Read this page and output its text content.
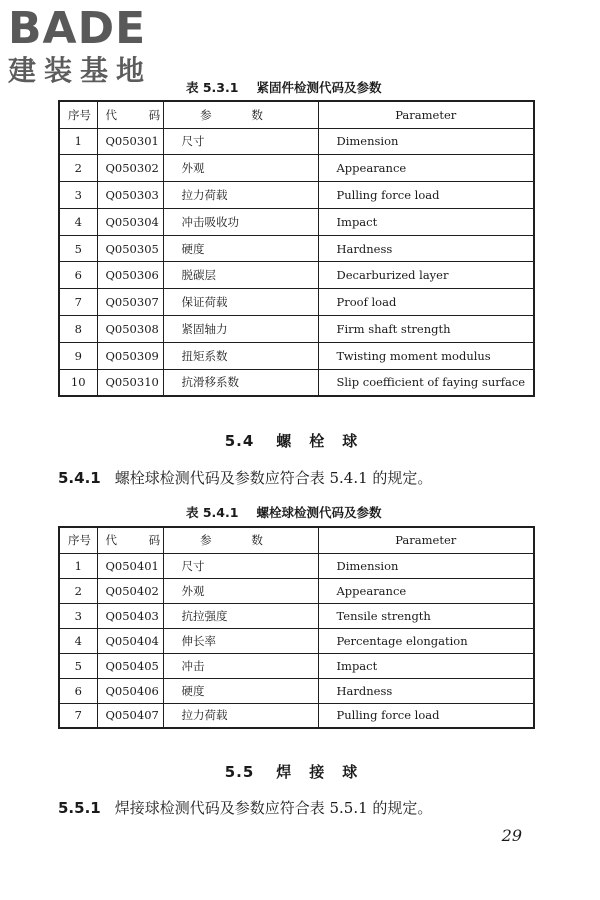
BADE
建装基地
表 5.3.1 紧固件检测代码及参数
序号	代 码	参 数	Parameter
1	Q050301	尺寸	Dimension
2	Q050302	外观	Appearance
3	Q050303	拉力荷载	Pulling force load
4	Q050304	冲击吸收功	Impact
5	Q050305	硬度	Hardness
6	Q050306	脱碳层	Decarburized layer
7	Q050307	保证荷载	Proof load
8	Q050308	紧固轴力	Firm shaft strength
9	Q050309	扭矩系数	Twisting moment modulus
10	Q050310	抗滑移系数	Slip coefficient of faying surface
5.4 螺栓球
5.4.1 螺栓球检测代码及参数应符合表 5.4.1 的规定。
表 5.4.1 螺栓球检测代码及参数
序号	代 码	参 数	Parameter
1	Q050401	尺寸	Dimension
2	Q050402	外观	Appearance
3	Q050403	抗拉强度	Tensile strength
4	Q050404	伸长率	Percentage elongation
5	Q050405	冲击	Impact
6	Q050406	硬度	Hardness
7	Q050407	拉力荷载	Pulling force load
5.5 焊接球
5.5.1 焊接球检测代码及参数应符合表 5.5.1 的规定。
29
